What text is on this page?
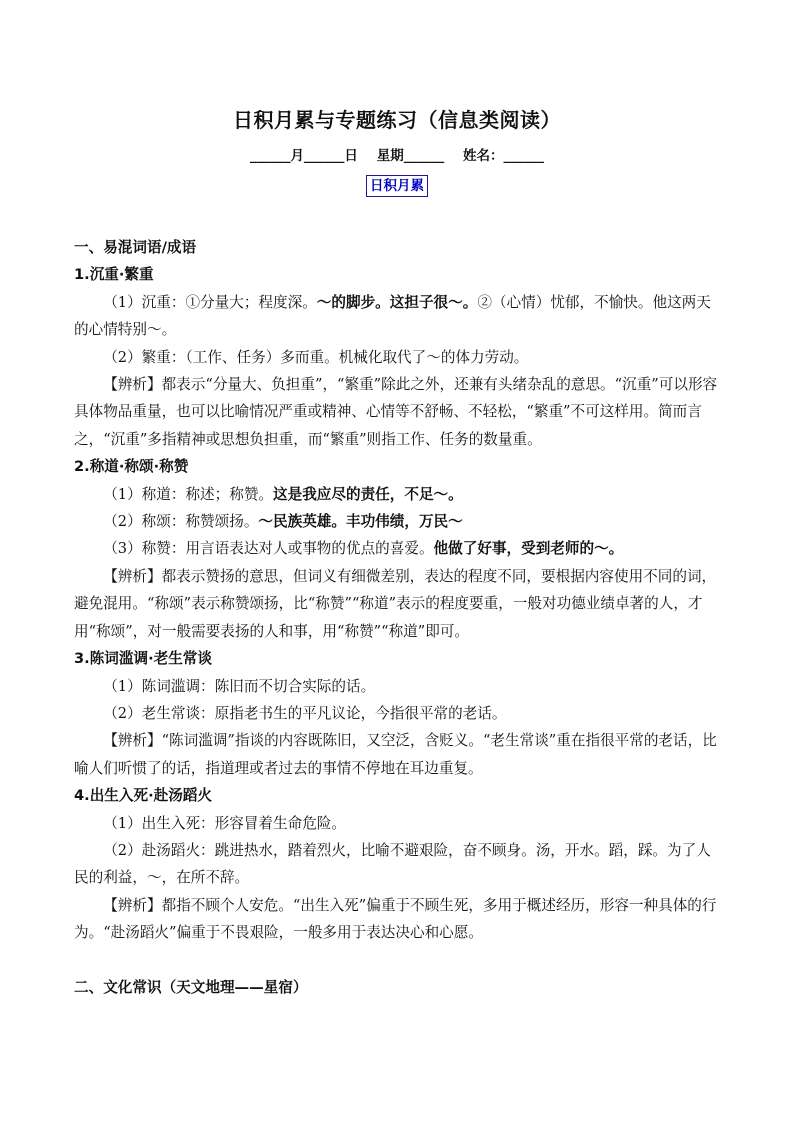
日积月累与专题练习（信息类阅读）
______月______日    星期______    姓名：______
日积月累

一、易混词语/成语

1.沉重·繁重

（1）沉重：①分量大；程度深。～的脚步。这担子很～。②（心情）忧郁，不愉快。他这两天的心情特别～。

（2）繁重：（工作、任务）多而重。机械化取代了～的体力劳动。

【辨析】都表示“分量大、负担重”，“繁重”除此之外，还兼有头绪杂乱的意思。“沉重”可以形容具体物品重量，也可以比喻情况严重或精神、心情等不舒畅、不轻松，“繁重”不可这样用。简而言之，“沉重”多指精神或思想负担重，而“繁重”则指工作、任务的数量重。

2.称道·称颂·称赞

（1）称道：称述；称赞。这是我应尽的责任，不足～。

（2）称颂：称赞颂扬。～民族英雄。丰功伟绩，万民～

（3）称赞：用言语表达对人或事物的优点的喜爱。他做了好事，受到老师的～。

【辨析】都表示赞扬的意思，但词义有细微差别，表达的程度不同，要根据内容使用不同的词，避免混用。“称颂”表示称赞颂扬，比“称赞”“称道”表示的程度要重，一般对功德业绩卓著的人，才用“称颂”，对一般需要表扬的人和事，用“称赞”“称道”即可。

3.陈词滥调·老生常谈

（1）陈词滥调：陈旧而不切合实际的话。

（2）老生常谈：原指老书生的平凡议论，今指很平常的老话。

【辨析】“陈词滥调”指谈的内容既陈旧，又空泛，含贬义。“老生常谈”重在指很平常的老话，比喻人们听惯了的话，指道理或者过去的事情不停地在耳边重复。

4.出生入死·赴汤蹈火

（1）出生入死：形容冒着生命危险。

（2）赴汤蹈火：跳进热水，踏着烈火，比喻不避艰险，奋不顾身。汤，开水。蹈，踩。为了人民的利益，～，在所不辞。

【辨析】都指不顾个人安危。“出生入死”偏重于不顾生死，多用于概述经历，形容一种具体的行为。“赴汤蹈火”偏重于不畏艰险，一般多用于表达决心和心愿。

二、文化常识（天文地理——星宿）
